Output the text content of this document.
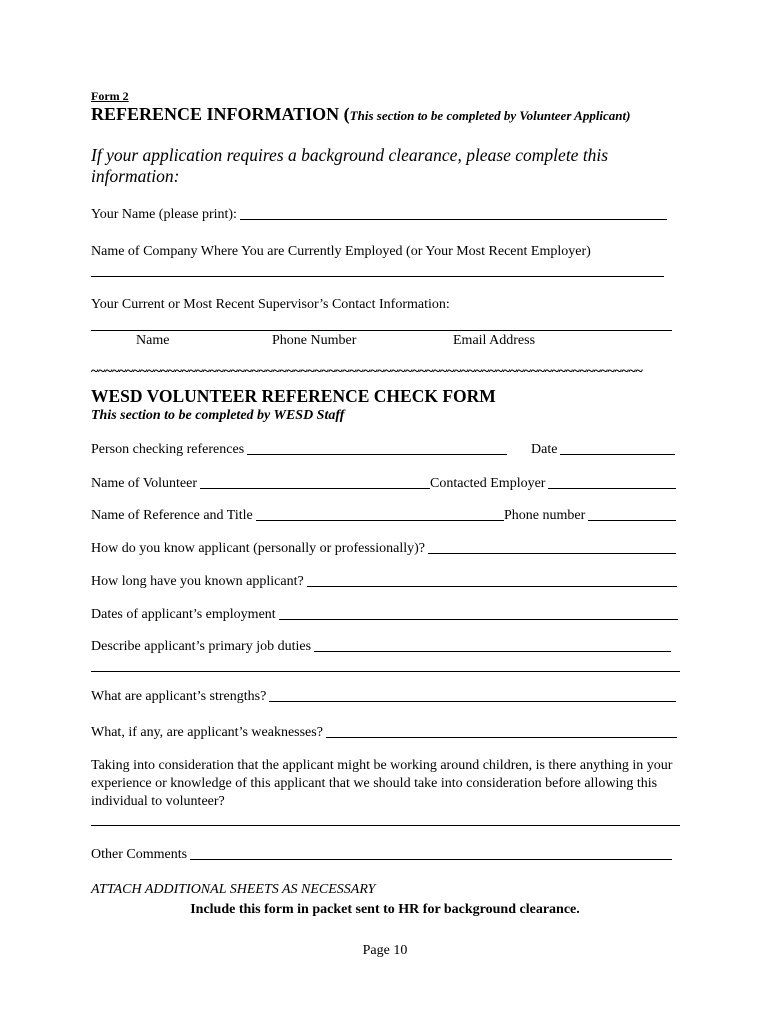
Form 2
REFERENCE INFORMATION (This section to be completed by Volunteer Applicant)
If your application requires a background clearance, please complete this information:
Your Name (please print):
Name of Company Where You are Currently Employed (or Your Most Recent Employer)
Your Current or Most Recent Supervisor’s Contact Information:
Name	Phone Number	Email Address
~~~~~~~~~~~~~~~~~~~~~~~~~~~~~~~~~~~~~~~~~~~~~~~~~~~~~~~~~~~~~~~~~~~~~~~~~~~~~~~
WESD VOLUNTEER REFERENCE CHECK FORM
This section to be completed by WESD Staff
Person checking references	Date
Name of Volunteer	Contacted Employer
Name of Reference and Title	Phone number
How do you know applicant (personally or professionally)?
How long have you known applicant?
Dates of applicant’s employment
Describe applicant’s primary job duties
What are applicant’s strengths?
What, if any, are applicant’s weaknesses?
Taking into consideration that the applicant might be working around children, is there anything in your experience or knowledge of this applicant that we should take into consideration before allowing this individual to volunteer?
Other Comments
ATTACH ADDITIONAL SHEETS AS NECESSARY
Include this form in packet sent to HR for background clearance.
Page 10
